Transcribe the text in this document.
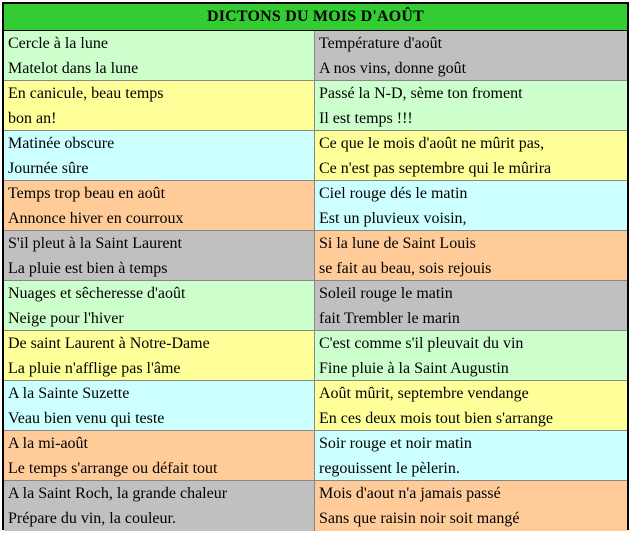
DICTONS DU MOIS D'AOÛT
Cercle à la lune
Matelot dans la lune
Température d'août
A nos vins, donne goût
En canicule, beau temps
bon an!
Passé la N-D, sème ton froment
Il est temps !!!
Matinée obscure
Journée sûre
Ce que le mois d'août ne mûrit pas,
Ce n'est pas septembre qui le mûrira
Temps trop beau en août
Annonce hiver en courroux
Ciel rouge dés le matin
Est un pluvieux voisin,
S'il pleut à la Saint Laurent
La pluie est bien à temps
Si la lune de Saint Louis
se fait au beau, sois rejouis
Nuages et sêcheresse d'août
Neige pour l'hiver
Soleil rouge le matin
fait Trembler le marin
De saint Laurent à Notre-Dame
La pluie n'afflige pas l'âme
C'est comme s'il pleuvait du vin
Fine pluie à la Saint Augustin
A la Sainte Suzette
Veau bien venu qui teste
Août mûrit, septembre vendange
En ces deux mois tout bien s'arrange
A la mi-août
Le temps s'arrange ou défait tout
Soir rouge et noir matin
regouissent le pèlerin.
A la Saint Roch, la grande chaleur
Prépare du vin, la couleur.
Mois d'aout n'a jamais passé
Sans que raisin noir soit mangé
